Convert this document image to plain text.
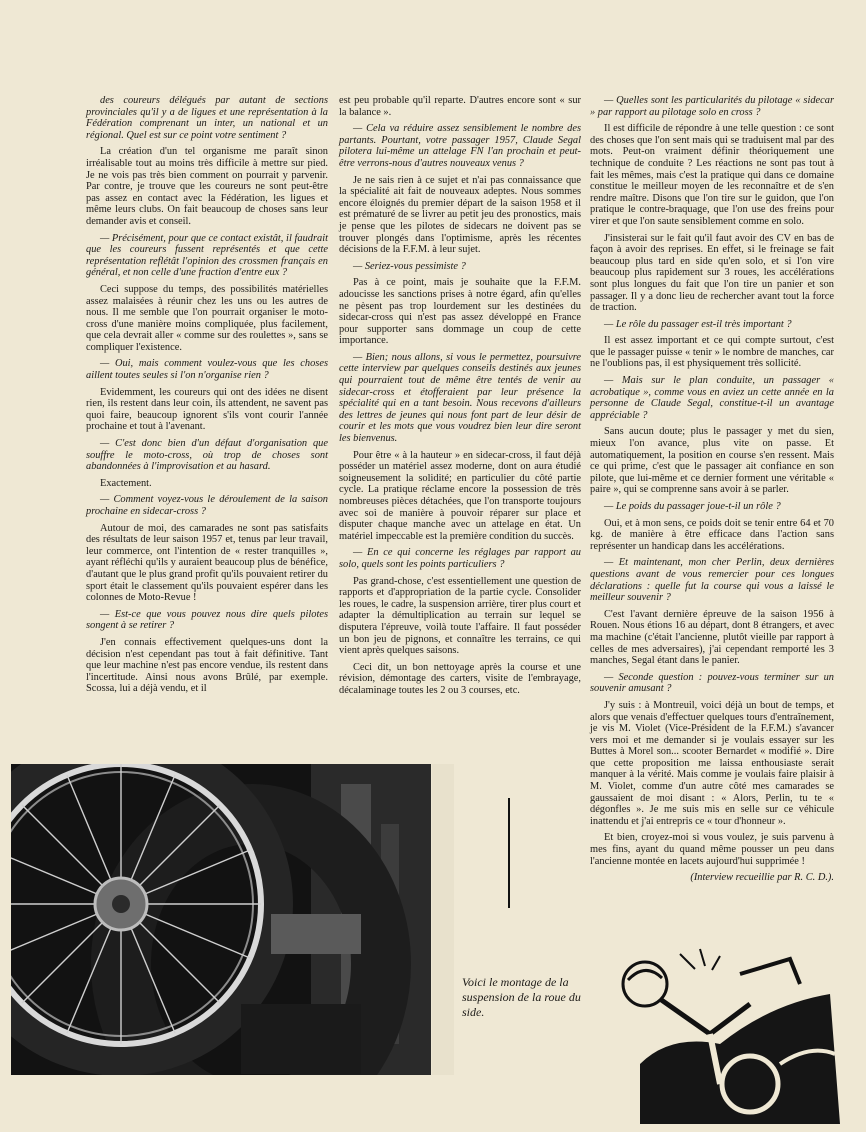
des coureurs délégués par autant de sections provinciales qu'il y a de ligues et une représentation à la Fédération comprenant un inter, un national et un régional. Quel est sur ce point votre sentiment ?

La création d'un tel organisme me paraît sinon irréalisable tout au moins très difficile à mettre sur pied. Je ne vois pas très bien comment on pourrait y parvenir. Par contre, je trouve que les coureurs ne sont peut-être pas assez en contact avec la Fédération, les ligues et même leurs clubs. On fait beaucoup de choses sans leur demander avis et conseil.

— Précisément, pour que ce contact existât, il faudrait que les coureurs fussent représentés et que cette représentation reflétât l'opinion des crossmen français en général, et non celle d'une fraction d'entre eux ?

Ceci suppose du temps, des possibilités matérielles assez malaisées à réunir chez les uns ou les autres de nous. Il me semble que l'on pourrait organiser le moto-cross d'une manière moins compliquée, plus facilement, que cela devrait aller « comme sur des roulettes », sans se compliquer l'existence.

— Oui, mais comment voulez-vous que les choses aillent toutes seules si l'on n'organise rien ?

Evidemment, les coureurs qui ont des idées ne disent rien, ils restent dans leur coin, ils attendent, ne savent pas quoi faire, beaucoup ignorent s'ils vont courir l'année prochaine et tout à l'avenant.

— C'est donc bien d'un défaut d'organisation que souffre le moto-cross, où trop de choses sont abandonnées à l'improvisation et au hasard.

Exactement.

— Comment voyez-vous le déroulement de la saison prochaine en sidecar-cross ?

Autour de moi, des camarades ne sont pas satisfaits des résultats de leur saison 1957 et, tenus par leur travail, leur commerce, ont l'intention de « rester tranquilles », ayant réfléchi qu'ils y auraient beaucoup plus de bénéfice, d'autant que le plus grand profit qu'ils pouvaient retirer du sport était le classement qu'ils pouvaient espérer dans les colonnes de Moto-Revue !

— Est-ce que vous pouvez nous dire quels pilotes songent à se retirer ?

J'en connais effectivement quelques-uns dont la décision n'est cependant pas tout à fait définitive. Tant que leur machine n'est pas encore vendue, ils restent dans l'incertitude. Ainsi nous avons Brûlé, par exemple. Scossa, lui a déjà vendu, et il

est peu probable qu'il reparte. D'autres encore sont « sur la balance ».

— Cela va réduire assez sensiblement le nombre des partants. Pourtant, votre passager 1957, Claude Segal pilotera lui-même un attelage FN l'an prochain et peut-être verrons-nous d'autres nouveaux venus ?

Je ne sais rien à ce sujet et n'ai pas connaissance que la spécialité ait fait de nouveaux adeptes. Nous sommes encore éloignés du premier départ de la saison 1958 et il est prématuré de se livrer au petit jeu des pronostics, mais je pense que les pilotes de sidecars ne doivent pas se trouver plongés dans l'optimisme, après les récentes décisions de la F.F.M. à leur sujet.

— Seriez-vous pessimiste ?

Pas à ce point, mais je souhaite que la F.F.M. adoucisse les sanctions prises à notre égard, afin qu'elles ne pèsent pas trop lourdement sur les destinées du sidecar-cross qui n'est pas assez développé en France pour supporter sans dommage un coup de cette importance.

— Bien; nous allons, si vous le permettez, poursuivre cette interview par quelques conseils destinés aux jeunes qui pourraient tout de même être tentés de venir au sidecar-cross et étofferaient par leur présence la spécialité qui en a tant besoin. Nous recevons d'ailleurs des lettres de jeunes qui nous font part de leur désir de courir et les mots que vous voudrez bien leur dire seront les bienvenus.

Pour être « à la hauteur » en sidecar-cross, il faut déjà posséder un matériel assez moderne, dont on aura étudié soigneusement la solidité; en particulier du côté partie cycle. La pratique réclame encore la possession de très nombreuses pièces détachées, que l'on transporte toujours avec soi de manière à pouvoir réparer sur place et disputer chaque manche avec un attelage en état. Un matériel impeccable est la première condition du succès.

— En ce qui concerne les réglages par rapport au solo, quels sont les points particuliers ?

Pas grand-chose, c'est essentiellement une question de rapports et d'appropriation de la partie cycle. Consolider les roues, le cadre, la suspension arrière, tirer plus court et adapter la démultiplication au terrain sur lequel se disputera l'épreuve, voilà toute l'affaire. Il faut posséder un bon jeu de pignons, et connaître les terrains, ce qui vient après quelques saisons.

Ceci dit, un bon nettoyage après la course et une révision, démontage des carters, visite de l'embrayage, décalaminage toutes les 2 ou 3 courses, etc.

— Quelles sont les particularités du pilotage « sidecar » par rapport au pilotage solo en cross ?

Il est difficile de répondre à une telle question : ce sont des choses que l'on sent mais qui se traduisent mal par des mots. Peut-on vraiment définir théoriquement une technique de conduite ? Les réactions ne sont pas tout à fait les mêmes, mais c'est la pratique qui dans ce domaine constitue le meilleur moyen de les reconnaître et de s'en rendre maître. Disons que l'on tire sur le guidon, que l'on pratique le contre-braquage, que l'on use des freins pour virer et que l'on saute sensiblement comme en solo.

J'insisterai sur le fait qu'il faut avoir des CV en bas de façon à avoir des reprises. En effet, si le freinage se fait beaucoup plus tard en side qu'en solo, et si l'on vire beaucoup plus rapidement sur 3 roues, les accélérations sont plus longues du fait que l'on tire un panier et son passager. Il y a donc lieu de rechercher avant tout la force de traction.

— Le rôle du passager est-il très important ?

Il est assez important et ce qui compte surtout, c'est que le passager puisse « tenir » le nombre de manches, car ne l'oublions pas, il est physiquement très sollicité.

— Mais sur le plan conduite, un passager « acrobatique », comme vous en aviez un cette année en la personne de Claude Segal, constitue-t-il un avantage appréciable ?

Sans aucun doute; plus le passager y met du sien, mieux l'on avance, plus vite on passe. Et automatiquement, la position en course s'en ressent. Mais ce qui prime, c'est que le passager ait confiance en son pilote, que lui-même et ce dernier forment une véritable « paire », qui se comprenne sans avoir à se parler.

— Le poids du passager joue-t-il un rôle ?

Oui, et à mon sens, ce poids doit se tenir entre 64 et 70 kg. de manière à être efficace dans l'action sans représenter un handicap dans les accélérations.

— Et maintenant, mon cher Perlin, deux dernières questions avant de vous remercier pour ces longues déclarations : quelle fut la course qui vous a laissé le meilleur souvenir ?

C'est l'avant dernière épreuve de la saison 1956 à Rouen. Nous étions 16 au départ, dont 8 étrangers, et avec ma machine (c'était l'ancienne, plutôt vieille par rapport à celles de mes adversaires), j'ai cependant remporté les 3 manches, Segal étant dans le panier.

— Seconde question : pouvez-vous terminer sur un souvenir amusant ?

J'y suis : à Montreuil, voici déjà un bout de temps, et alors que venais d'effectuer quelques tours d'entraînement, je vis M. Violet (Vice-Président de la F.F.M.) s'avancer vers moi et me demander si je voulais essayer sur les Buttes à Morel son... scooter Bernardet « modifié ». Dire que cette proposition me laissa enthousiaste serait manquer à la vérité. Mais comme je voulais faire plaisir à M. Violet, comme d'un autre côté mes camarades se gaussaient de moi disant : « Alors, Perlin, tu te « dégonfles ». Je me suis mis en selle sur ce véhicule inattendu et j'ai entrepris ce « tour d'honneur ».

Et bien, croyez-moi si vous voulez, je suis parvenu à mes fins, ayant du quand même pousser un peu dans l'ancienne montée en lacets aujourd'hui supprimée !

(Interview recueillie par R. C. D.).

Voici le montage de la suspension de la roue du side.
